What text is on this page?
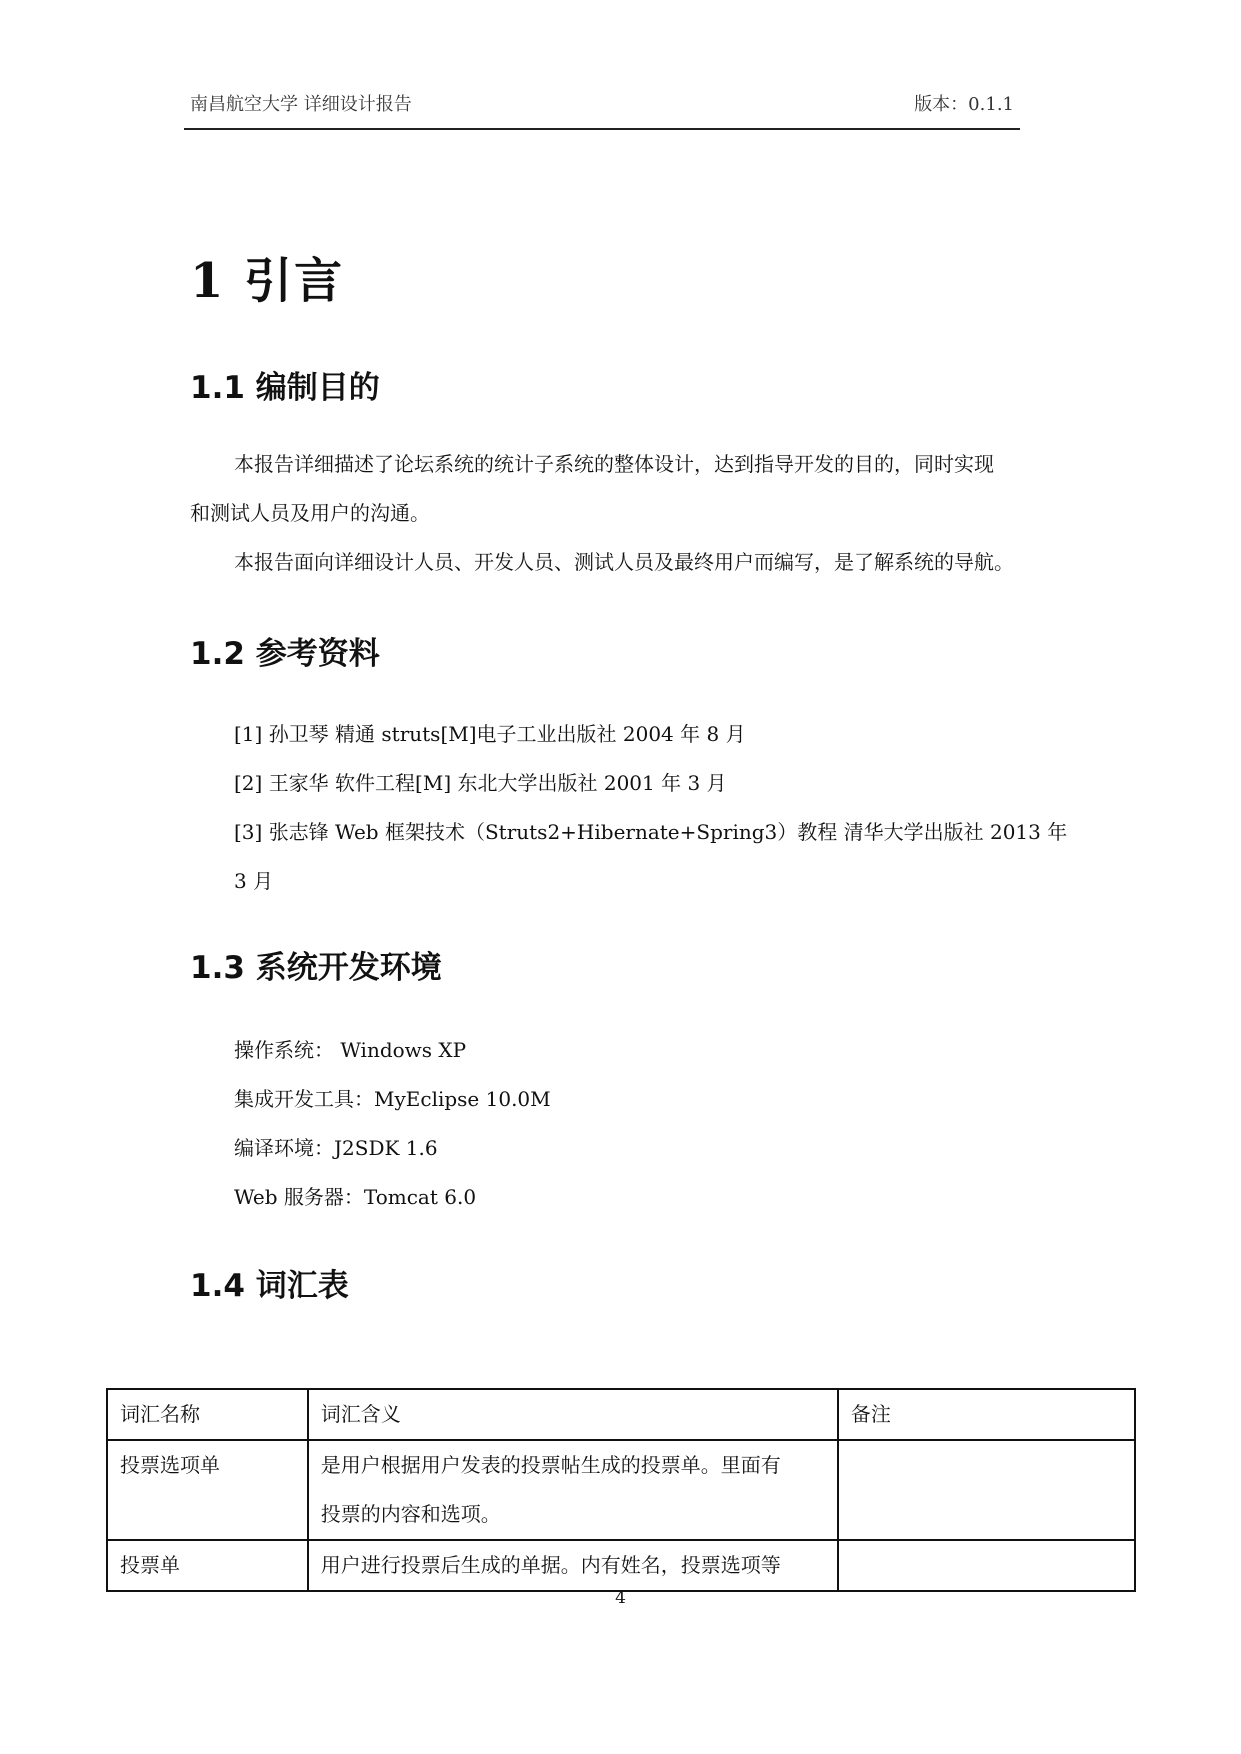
南昌航空大学 详细设计报告	版本：0.1.1
1 引言
1.1 编制目的
本报告详细描述了论坛系统的统计子系统的整体设计，达到指导开发的目的，同时实现
和测试人员及用户的沟通。
本报告面向详细设计人员、开发人员、测试人员及最终用户而编写，是了解系统的导航。
1.2 参考资料
[1] 孙卫琴 精通 struts[M]电子工业出版社 2004 年 8 月
[2] 王家华 软件工程[M] 东北大学出版社 2001 年 3 月
[3] 张志锋 Web 框架技术（Struts2+Hibernate+Spring3）教程 清华大学出版社 2013 年
3 月
1.3 系统开发环境
操作系统： Windows XP
集成开发工具：MyEclipse 10.0M
编译环境：J2SDK 1.6
Web 服务器：Tomcat 6.0
1.4 词汇表
词汇名称	词汇含义	备注
投票选项单	是用户根据用户发表的投票帖生成的投票单。里面有
投票的内容和选项。	

投票单	用户进行投票后生成的单据。内有姓名，投票选项等	
4
